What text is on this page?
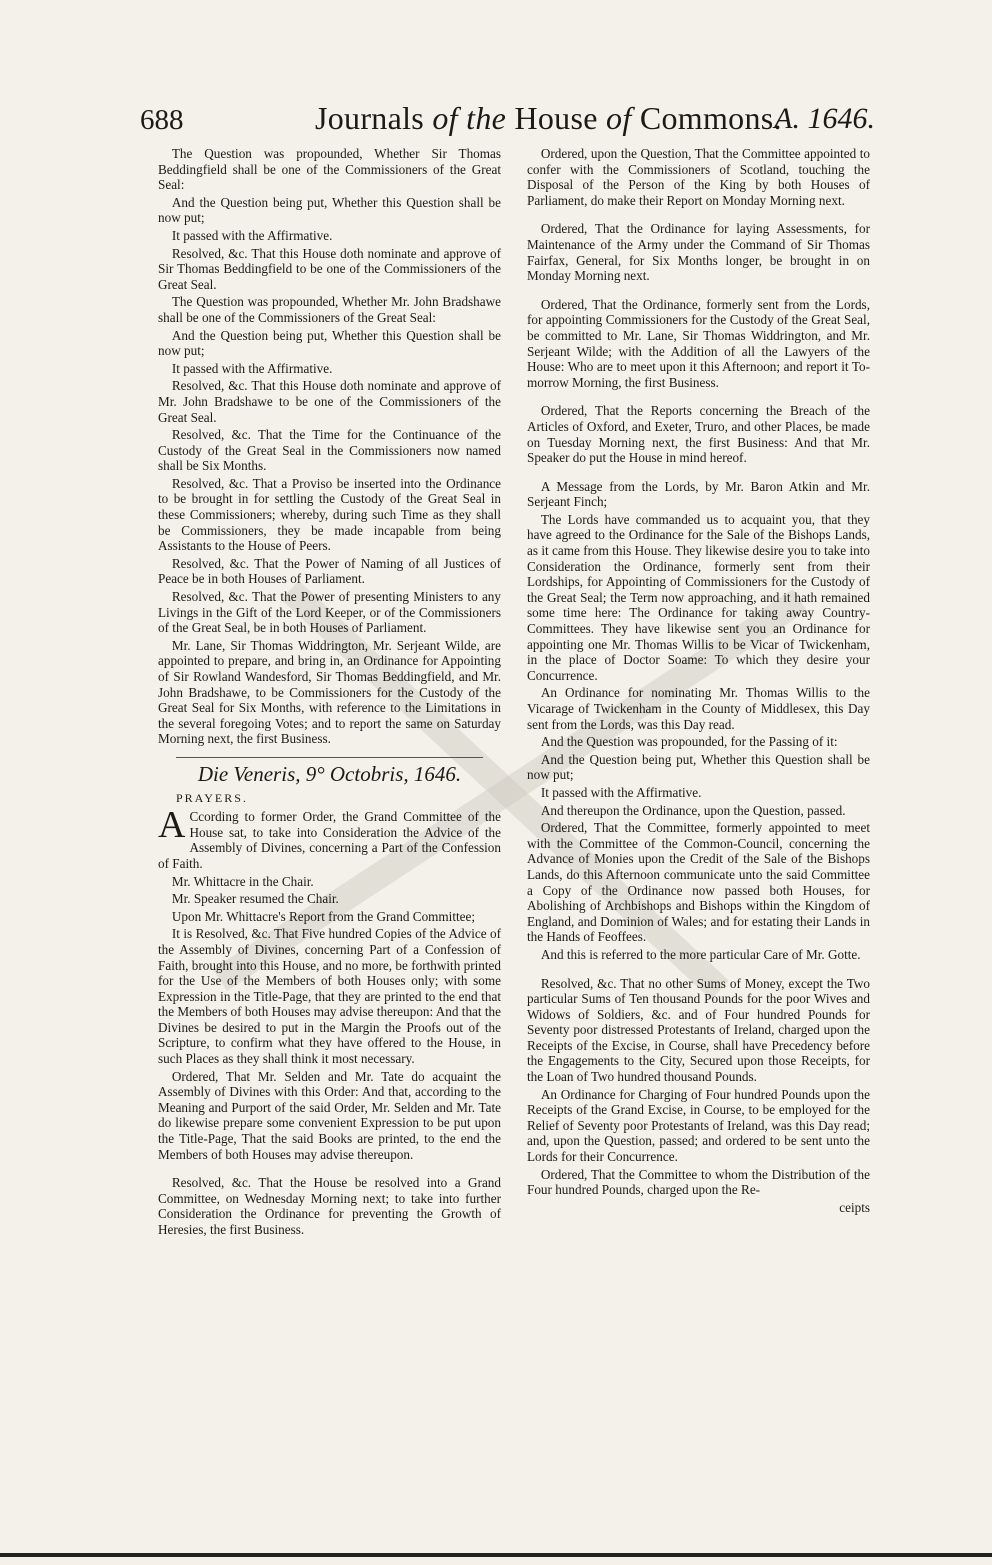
688	Journals of the House of Commons.
A. 1646.

The Question was propounded, Whether Sir Thomas Beddingfield shall be one of the Commissioners of the Great Seal:

And the Question being put, Whether this Question shall be now put;

It passed with the Affirmative.

Resolved, &c. That this House doth nominate and approve of Sir Thomas Beddingfield to be one of the Commissioners of the Great Seal.

The Question was propounded, Whether Mr. John Bradshawe shall be one of the Commissioners of the Great Seal:

And the Question being put, Whether this Question shall be now put;

It passed with the Affirmative.

Resolved, &c. That this House doth nominate and approve of Mr. John Bradshawe to be one of the Commissioners of the Great Seal.

Resolved, &c. That the Time for the Continuance of the Custody of the Great Seal in the Commissioners now named shall be Six Months.

Resolved, &c. That a Proviso be inserted into the Ordinance to be brought in for settling the Custody of the Great Seal in these Commissioners; whereby, during such Time as they shall be Commissioners, they be made incapable from being Assistants to the House of Peers.

Resolved, &c. That the Power of Naming of all Justices of Peace be in both Houses of Parliament.

Resolved, &c. That the Power of presenting Ministers to any Livings in the Gift of the Lord Keeper, or of the Commissioners of the Great Seal, be in both Houses of Parliament.

Mr. Lane, Sir Thomas Widdrington, Mr. Serjeant Wilde, are appointed to prepare, and bring in, an Ordinance for Appointing of Sir Rowland Wandesford, Sir Thomas Beddingfield, and Mr. John Bradshawe, to be Commissioners for the Custody of the Great Seal for Six Months, with reference to the Limitations in the several foregoing Votes; and to report the same on Saturday Morning next, the first Business.

Die Veneris, 9° Octobris, 1646.
PRAYERS.

A Ccording to former Order, the Grand Committee of the House sat, to take into Consideration the Advice of the Assembly of Divines, concerning a Part of the Confession of Faith.

Mr. Whittacre in the Chair.

Mr. Speaker resumed the Chair.

Upon Mr. Whittacre's Report from the Grand Committee;

It is Resolved, &c. That Five hundred Copies of the Advice of the Assembly of Divines, concerning Part of a Confession of Faith, brought into this House, and no more, be forthwith printed for the Use of the Members of both Houses only; with some Expression in the Title-Page, that they are printed to the end that the Members of both Houses may advise thereupon: And that the Divines be desired to put in the Margin the Proofs out of the Scripture, to confirm what they have offered to the House, in such Places as they shall think it most necessary.

Ordered, That Mr. Selden and Mr. Tate do acquaint the Assembly of Divines with this Order: And that, according to the Meaning and Purport of the said Order, Mr. Selden and Mr. Tate do likewise prepare some convenient Expression to be put upon the Title-Page, That the said Books are printed, to the end the Members of both Houses may advise thereupon.

Resolved, &c. That the House be resolved into a Grand Committee, on Wednesday Morning next; to take into further Consideration the Ordinance for preventing the Growth of Heresies, the first Business.

Ordered, upon the Question, That the Committee appointed to confer with the Commissioners of Scotland, touching the Disposal of the Person of the King by both Houses of Parliament, do make their Report on Monday Morning next.

Ordered, That the Ordinance for laying Assessments, for Maintenance of the Army under the Command of Sir Thomas Fairfax, General, for Six Months longer, be brought in on Monday Morning next.

Ordered, That the Ordinance, formerly sent from the Lords, for appointing Commissioners for the Custody of the Great Seal, be committed to Mr. Lane, Sir Thomas Widdrington, and Mr. Serjeant Wilde; with the Addition of all the Lawyers of the House: Who are to meet upon it this Afternoon; and report it To-morrow Morning, the first Business.

Ordered, That the Reports concerning the Breach of the Articles of Oxford, and Exeter, Truro, and other Places, be made on Tuesday Morning next, the first Business: And that Mr. Speaker do put the House in mind hereof.

A Message from the Lords, by Mr. Baron Atkin and Mr. Serjeant Finch;

The Lords have commanded us to acquaint you, that they have agreed to the Ordinance for the Sale of the Bishops Lands, as it came from this House. They likewise desire you to take into Consideration the Ordinance, formerly sent from their Lordships, for Appointing of Commissioners for the Custody of the Great Seal; the Term now approaching, and it hath remained some time here: The Ordinance for taking away Country-Committees. They have likewise sent you an Ordinance for appointing one Mr. Thomas Willis to be Vicar of Twickenham, in the place of Doctor Soame: To which they desire your Concurrence.

An Ordinance for nominating Mr. Thomas Willis to the Vicarage of Twickenham in the County of Middlesex, this Day sent from the Lords, was this Day read.

And the Question was propounded, for the Passing of it:

And the Question being put, Whether this Question shall be now put;

It passed with the Affirmative.

And thereupon the Ordinance, upon the Question, passed.

Ordered, That the Committee, formerly appointed to meet with the Committee of the Common-Council, concerning the Advance of Monies upon the Credit of the Sale of the Bishops Lands, do this Afternoon communicate unto the said Committee a Copy of the Ordinance now passed both Houses, for Abolishing of Archbishops and Bishops within the Kingdom of England, and Dominion of Wales; and for estating their Lands in the Hands of Feoffees.

And this is referred to the more particular Care of Mr. Gotte.

Resolved, &c. That no other Sums of Money, except the Two particular Sums of Ten thousand Pounds for the poor Wives and Widows of Soldiers, &c. and of Four hundred Pounds for Seventy poor distressed Protestants of Ireland, charged upon the Receipts of the Excise, in Course, shall have Precedency before the Engagements to the City, Secured upon those Receipts, for the Loan of Two hundred thousand Pounds.

An Ordinance for Charging of Four hundred Pounds upon the Receipts of the Grand Excise, in Course, to be employed for the Relief of Seventy poor Protestants of Ireland, was this Day read; and, upon the Question, passed; and ordered to be sent unto the Lords for their Concurrence.

Ordered, That the Committee to whom the Distribution of the Four hundred Pounds, charged upon the Re-

ceipts
